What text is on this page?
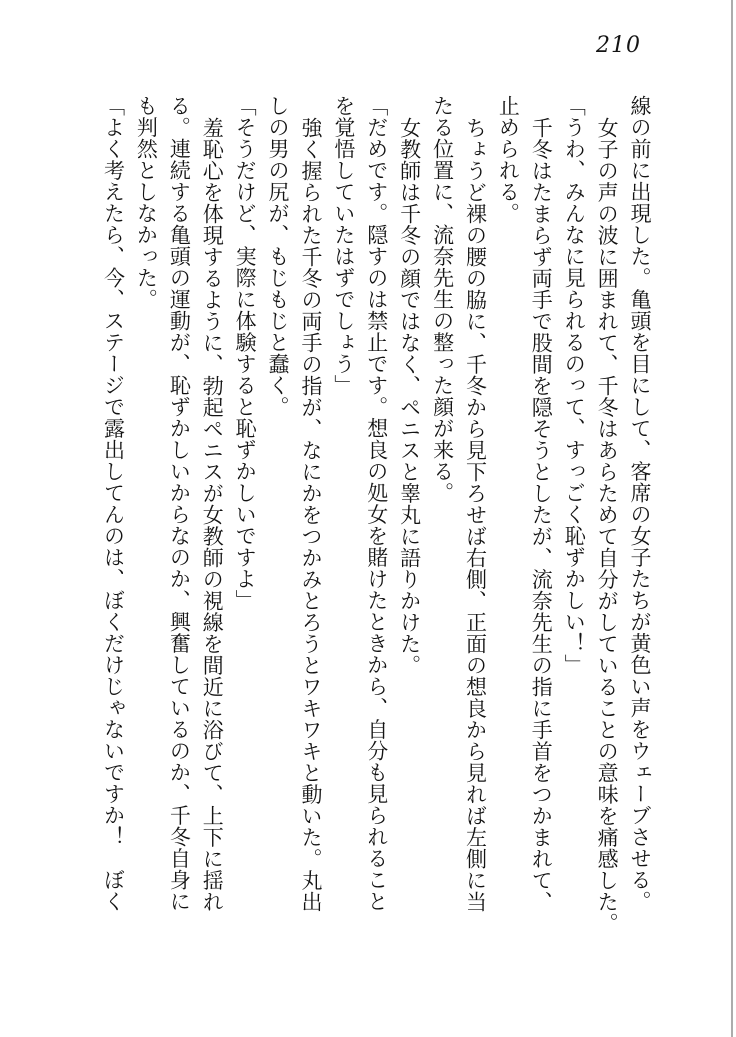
210
線の前に出現した。亀頭を目にして、客席の女子たちが黄色い声をウェーブさせる。
女子の声の波に囲まれて、千冬はあらためて自分がしていることの意味を痛感した。
「うわ、みんなに見られるのって、すっごく恥ずかしい！」
千冬はたまらず両手で股間を隠そうとしたが、流奈先生の指に手首をつかまれて、
止められる。
ちょうど裸の腰の脇に、千冬から見下ろせば右側、正面の想良から見れば左側に当
たる位置に、流奈先生の整った顔が来る。
女教師は千冬の顔ではなく、ペニスと睾丸に語りかけた。
「だめです。隠すのは禁止です。想良の処女を賭けたときから、自分も見られること
を覚悟していたはずでしょう」
強く握られた千冬の両手の指が、なにかをつかみとろうとワキワキと動いた。丸出
しの男の尻が、もじもじと蠢く。
「そうだけど、実際に体験すると恥ずかしいですよ」
羞恥心を体現するように、勃起ペニスが女教師の視線を間近に浴びて、上下に揺れ
る。連続する亀頭の運動が、恥ずかしいからなのか、興奮しているのか、千冬自身に
も判然としなかった。
「よく考えたら、今、ステージで露出してんのは、ぼくだけじゃないですか！　ぼく
